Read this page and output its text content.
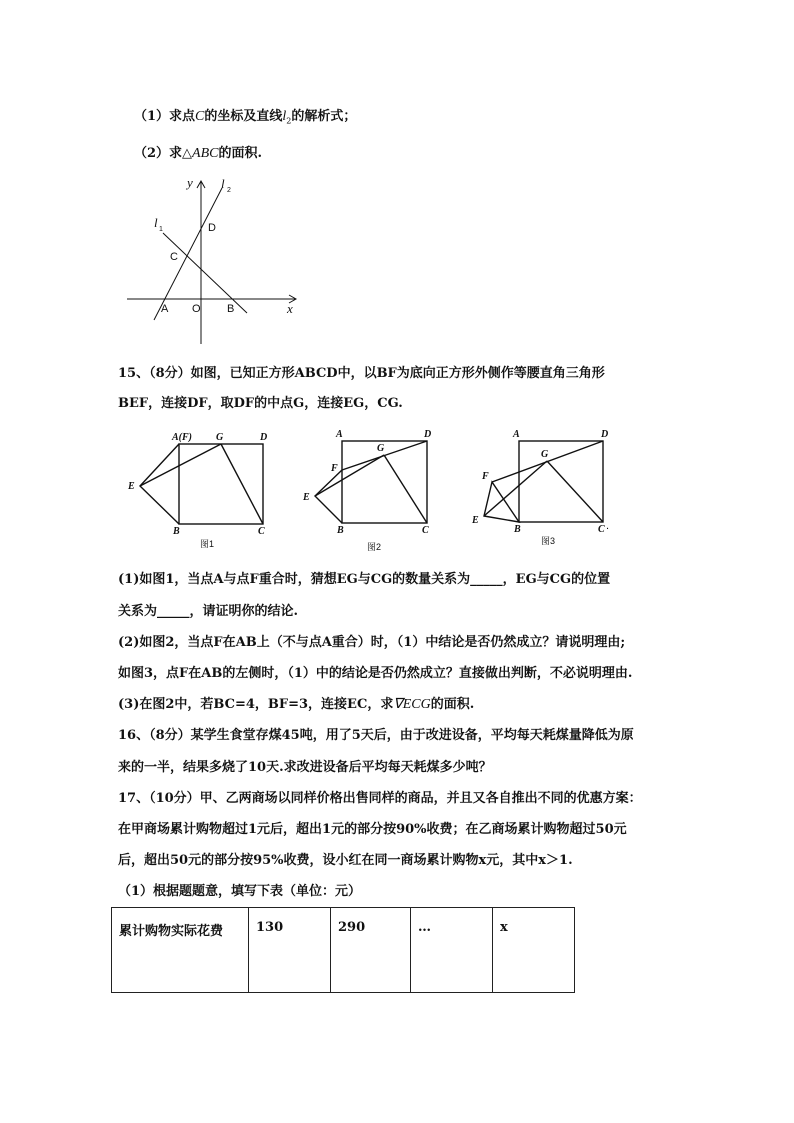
（1）求点C的坐标及直线$l_2$的解析式；
（2）求△ABC的面积.
y
x
l 2
l 1	D
C
A O B
15、（8分）如图，已知正方形ABCD中，以BF为底向正方形外侧作等腰直角三角形
BEF，连接DF，取DF的中点G，连接EG，CG.
A(F) G	D
E
B	C
图1
A	D
G
F
E
B	C
图2
A	D
G
F
E
B	C .
图3
(1)如图1，当点A与点F重合时，猜想EG与CG的数量关系为_____，EG与CG的位置
关系为_____，请证明你的结论.
(2)如图2，当点F在AB上（不与点A重合）时，（1）中结论是否仍然成立？请说明理由;
如图3，点F在AB的左侧时，（1）中的结论是否仍然成立？直接做出判断，不必说明理由.
(3)在图2中，若BC=4，BF=3，连接EC，求∇ECG的面积.
16、（8分）某学生食堂存煤45吨，用了5天后，由于改进设备，平均每天耗煤量降低为原
来的一半，结果多烧了10天.求改进设备后平均每天耗煤多少吨？
17、（10分）甲、乙两商场以同样价格出售同样的商品，并且又各自推出不同的优惠方案：
在甲商场累计购物超过1元后，超出1元的部分按90%收费；在乙商场累计购物超过50元
后，超出50元的部分按95%收费，设小红在同一商场累计购物x元，其中x＞1.
（1）根据题题意，填写下表（单位：元）
累计购物实际花费	130	290	…	x
